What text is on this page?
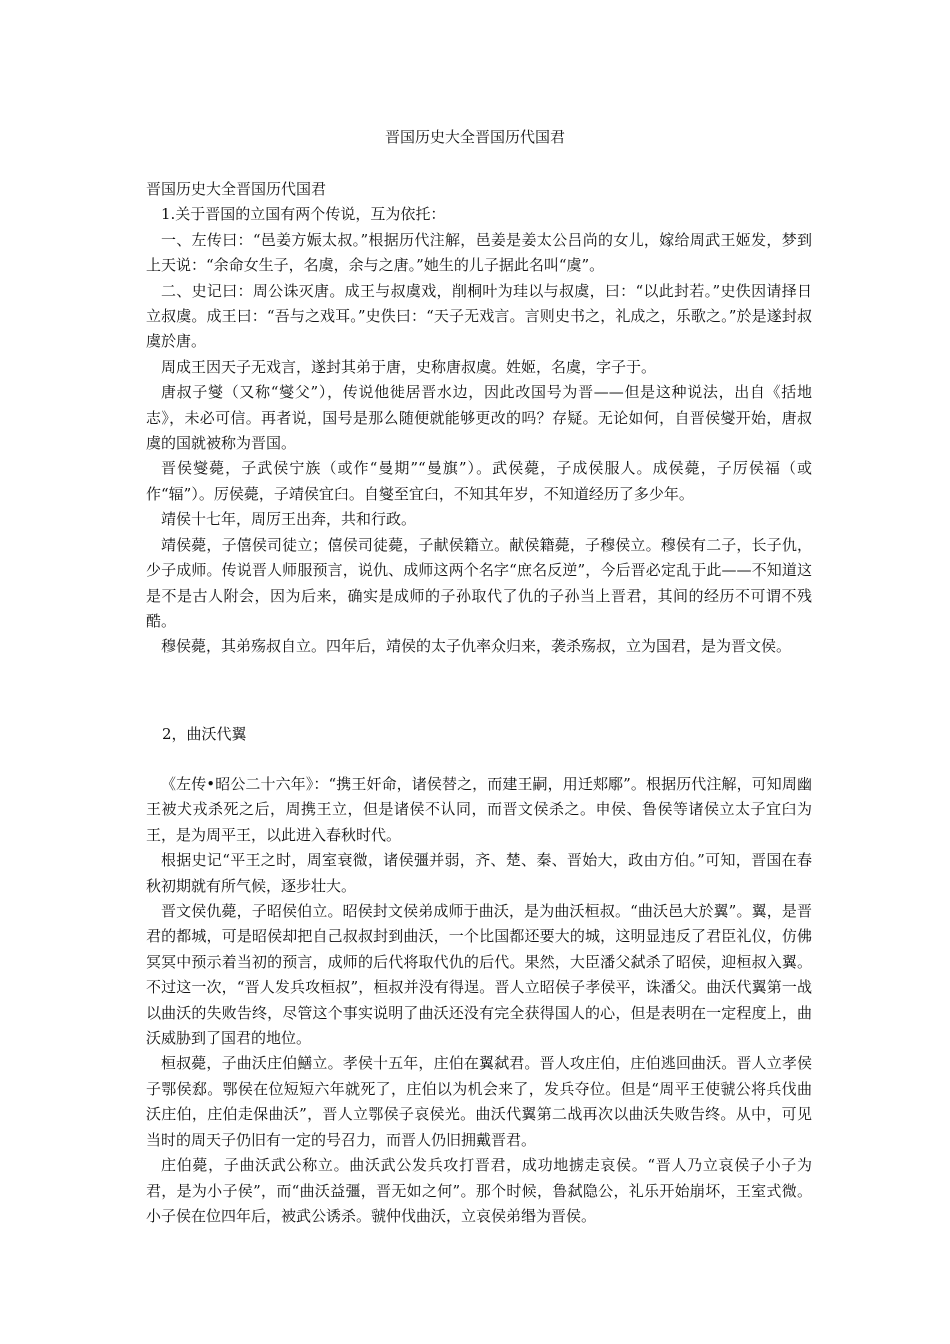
晋国历史大全晋国历代国君

晋国历史大全晋国历代国君

1.关于晋国的立国有两个传说，互为依托：

一、左传曰：“邑姜方娠太叔。”根据历代注解，邑姜是姜太公吕尚的女儿，嫁给周武王姬发，梦到上天说：“余命女生子，名虞，余与之唐。”她生的儿子据此名叫“虞”。

二、史记曰：周公诛灭唐。成王与叔虞戏，削桐叶为珪以与叔虞，曰：“以此封若。”史佚因请择日立叔虞。成王曰：“吾与之戏耳。”史佚曰：“天子无戏言。言则史书之，礼成之，乐歌之。”於是遂封叔虞於唐。

周成王因天子无戏言，遂封其弟于唐，史称唐叔虞。姓姬，名虞，字子于。

唐叔子燮（又称“燮父”），传说他徙居晋水边，因此改国号为晋——但是这种说法，出自《括地志》，未必可信。再者说，国号是那么随便就能够更改的吗？存疑。无论如何，自晋侯燮开始，唐叔虞的国就被称为晋国。

晋侯燮薨，子武侯宁族（或作“曼期”“曼旗”）。武侯薨，子成侯服人。成侯薨，子厉侯福（或作“辐”）。厉侯薨，子靖侯宜臼。自燮至宜臼，不知其年岁，不知道经历了多少年。

靖侯十七年，周厉王出奔，共和行政。

靖侯薨，子僖侯司徒立；僖侯司徒薨，子献侯籍立。献侯籍薨，子穆侯立。穆侯有二子，长子仇，少子成师。传说晋人师服预言，说仇、成师这两个名字“庶名反逆”，今后晋必定乱于此——不知道这是不是古人附会，因为后来，确实是成师的子孙取代了仇的子孙当上晋君，其间的经历不可谓不残酷。

穆侯薨，其弟殇叔自立。四年后，靖侯的太子仇率众归来，袭杀殇叔，立为国君，是为晋文侯。

2，曲沃代翼

《左传•昭公二十六年》：“携王奸命，诸侯替之，而建王嗣，用迁郏鄏”。根据历代注解，可知周幽王被犬戎杀死之后，周携王立，但是诸侯不认同，而晋文侯杀之。申侯、鲁侯等诸侯立太子宜臼为王，是为周平王，以此进入春秋时代。

根据史记“平王之时，周室衰微，诸侯彊并弱，齐、楚、秦、晋始大，政由方伯。”可知，晋国在春秋初期就有所气候，逐步壮大。

晋文侯仇薨，子昭侯伯立。昭侯封文侯弟成师于曲沃，是为曲沃桓叔。“曲沃邑大於翼”。翼，是晋君的都城，可是昭侯却把自己叔叔封到曲沃，一个比国都还要大的城，这明显违反了君臣礼仪，仿佛冥冥中预示着当初的预言，成师的后代将取代仇的后代。果然，大臣潘父弑杀了昭侯，迎桓叔入翼。不过这一次，“晋人发兵攻桓叔”，桓叔并没有得逞。晋人立昭侯子孝侯平，诛潘父。曲沃代翼第一战以曲沃的失败告终，尽管这个事实说明了曲沃还没有完全获得国人的心，但是表明在一定程度上，曲沃威胁到了国君的地位。

桓叔薨，子曲沃庄伯鱔立。孝侯十五年，庄伯在翼弑君。晋人攻庄伯，庄伯逃回曲沃。晋人立孝侯子鄂侯郄。鄂侯在位短短六年就死了，庄伯以为机会来了，发兵夺位。但是“周平王使虢公将兵伐曲沃庄伯，庄伯走保曲沃”，晋人立鄂侯子哀侯光。曲沃代翼第二战再次以曲沃失败告终。从中，可见当时的周天子仍旧有一定的号召力，而晋人仍旧拥戴晋君。

庄伯薨，子曲沃武公称立。曲沃武公发兵攻打晋君，成功地掳走哀侯。“晋人乃立哀侯子小子为君，是为小子侯”，而“曲沃益彊，晋无如之何”。那个时候，鲁弑隐公，礼乐开始崩坏，王室式微。小子侯在位四年后，被武公诱杀。虢仲伐曲沃，立哀侯弟缗为晋侯。
